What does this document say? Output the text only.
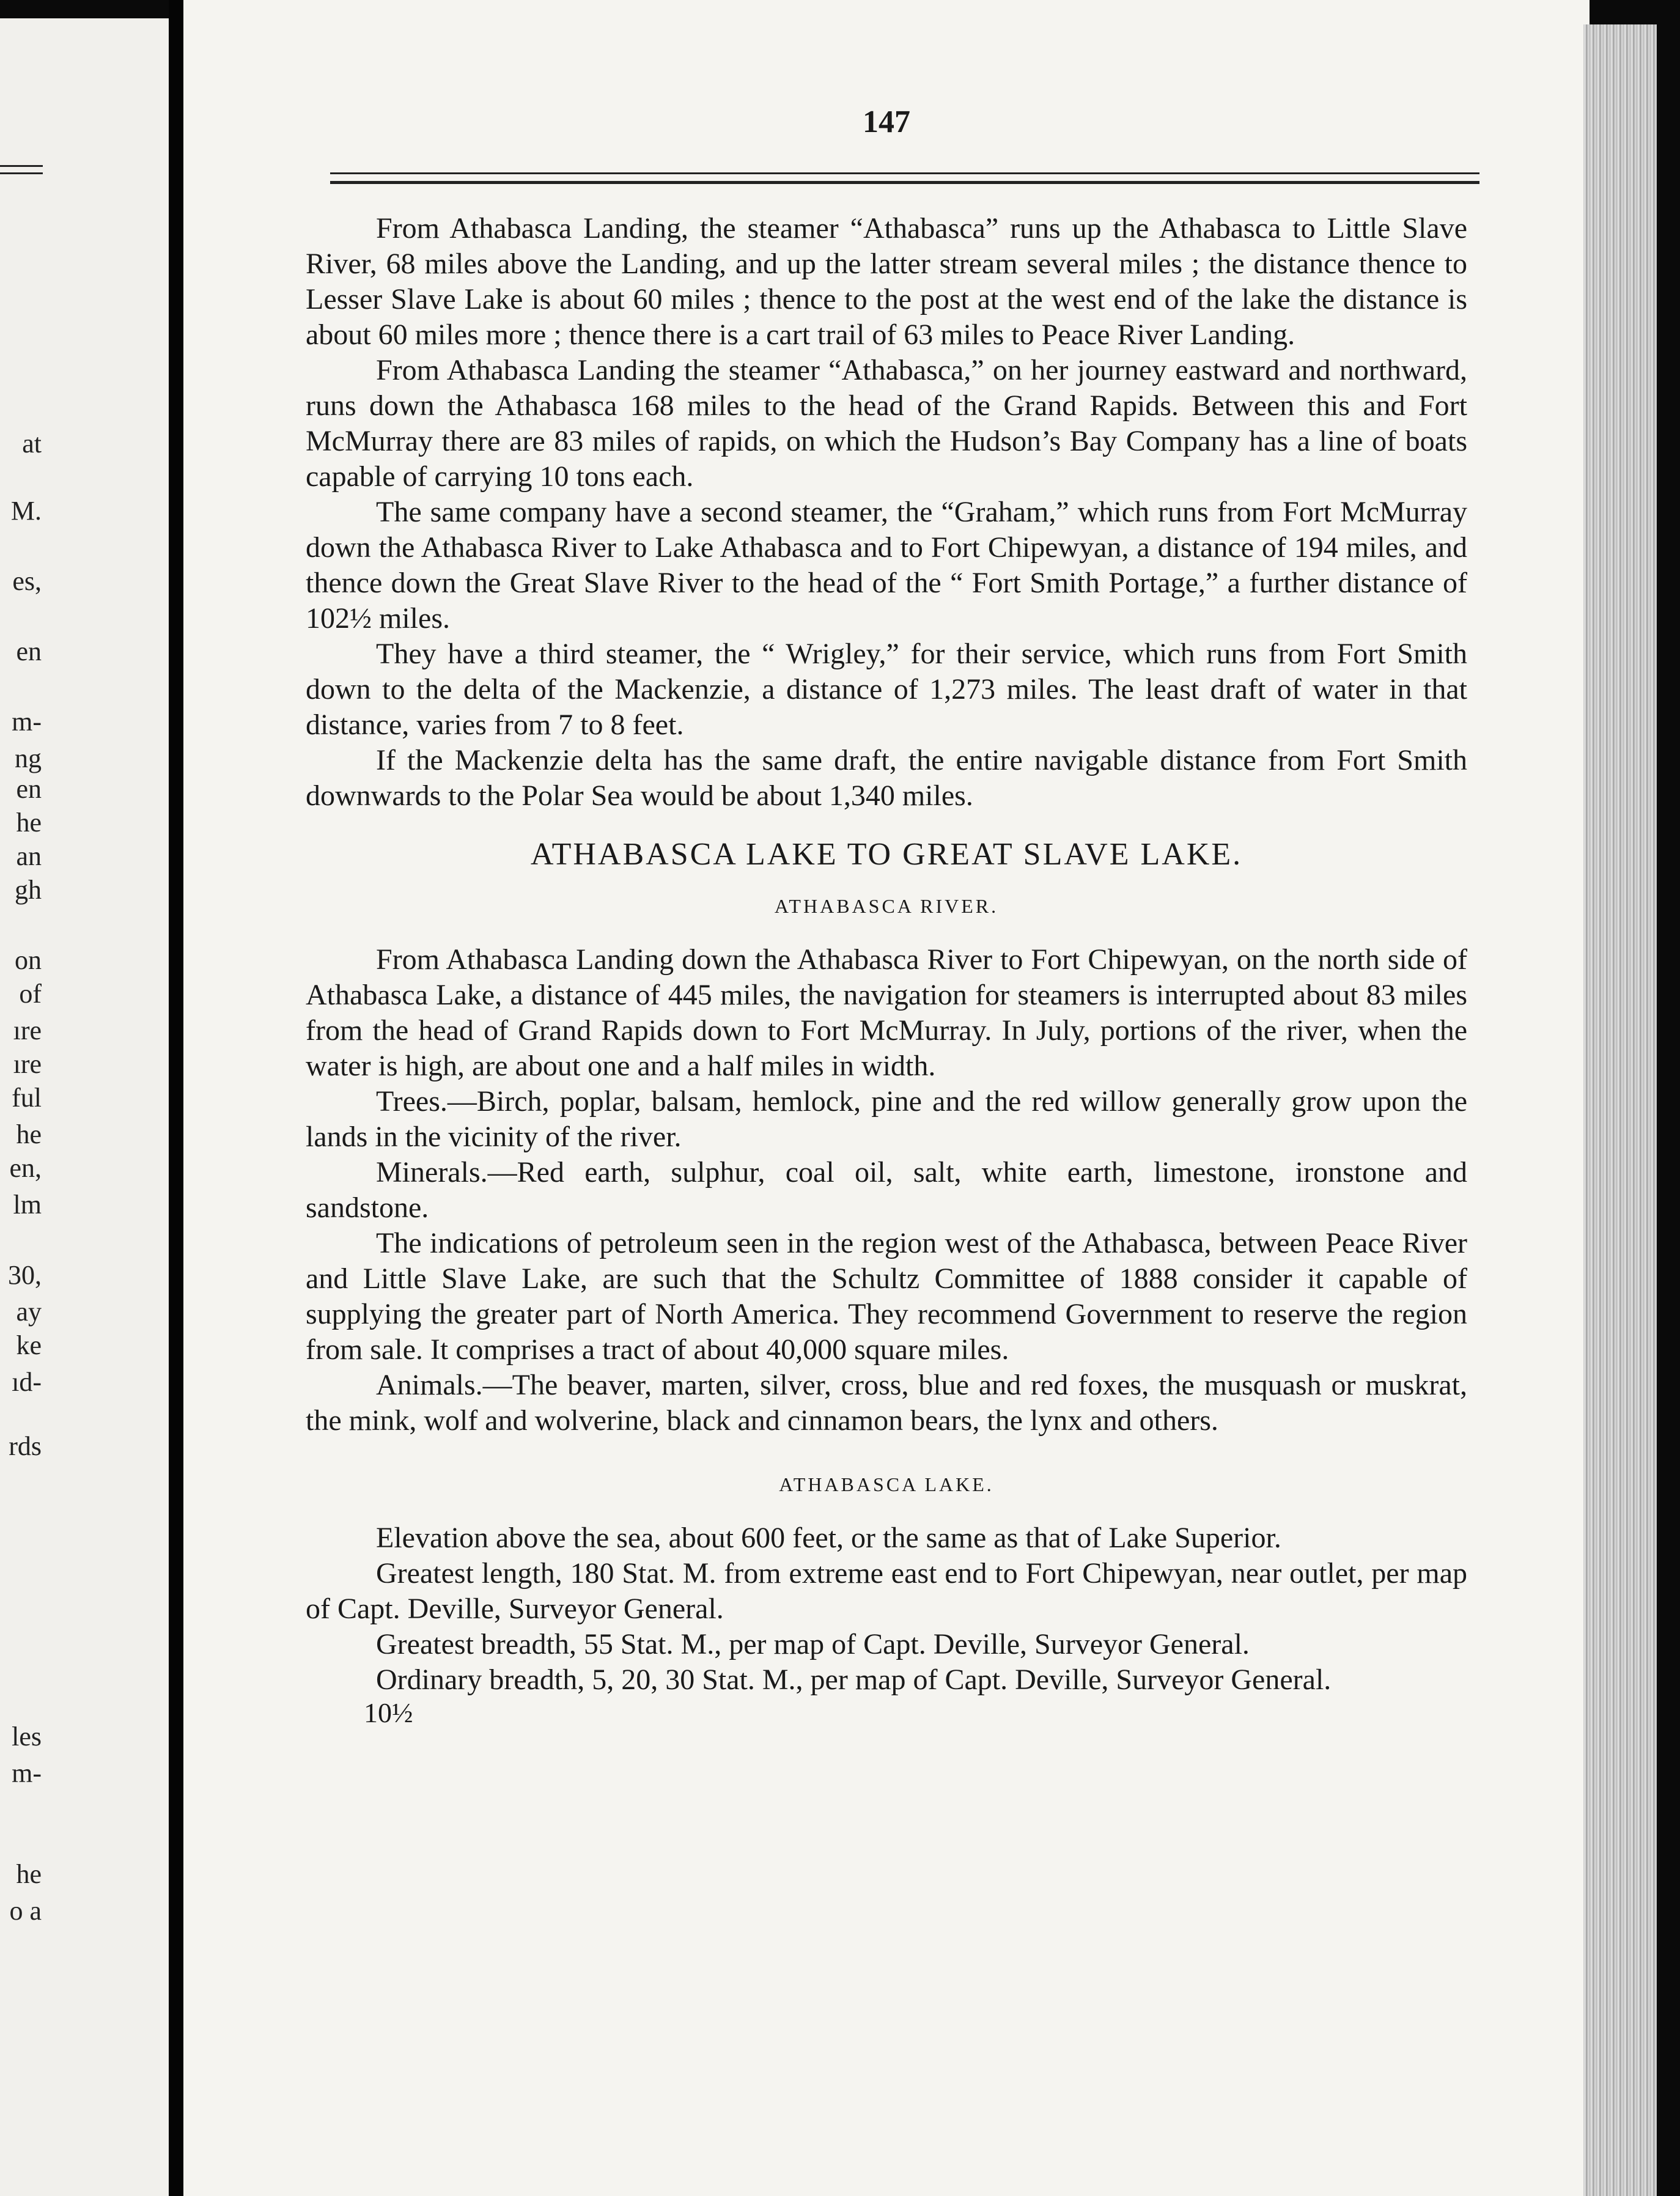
at
M.
es,
en
m-
ng
en
he
an
gh
on
of
ıre
ıre
ful
he
en,
lm
30,
ay
ke
ıd-
rds
les
m-
he
o a
147

From Athabasca Landing, the steamer “Athabasca” runs up the Athabasca to Little Slave River, 68 miles above the Landing, and up the latter stream several miles ; the distance thence to Lesser Slave Lake is about 60 miles ; thence to the post at the west end of the lake the distance is about 60 miles more ; thence there is a cart trail of 63 miles to Peace River Landing.

From Athabasca Landing the steamer “Athabasca,” on her journey eastward and northward, runs down the Athabasca 168 miles to the head of the Grand Rapids. Between this and Fort McMurray there are 83 miles of rapids, on which the Hudson’s Bay Company has a line of boats capable of carrying 10 tons each.

The same company have a second steamer, the “Graham,” which runs from Fort McMurray down the Athabasca River to Lake Athabasca and to Fort Chipewyan, a distance of 194 miles, and thence down the Great Slave River to the head of the “ Fort Smith Portage,” a further distance of 102½ miles.

They have a third steamer, the “ Wrigley,” for their service, which runs from Fort Smith down to the delta of the Mackenzie, a distance of 1,273 miles. The least draft of water in that distance, varies from 7 to 8 feet.

If the Mackenzie delta has the same draft, the entire navigable distance from Fort Smith downwards to the Polar Sea would be about 1,340 miles.

ATHABASCA LAKE TO GREAT SLAVE LAKE.
ATHABASCA RIVER.

From Athabasca Landing down the Athabasca River to Fort Chipewyan, on the north side of Athabasca Lake, a distance of 445 miles, the navigation for steamers is interrupted about 83 miles from the head of Grand Rapids down to Fort McMurray. In July, portions of the river, when the water is high, are about one and a half miles in width.

Trees.—Birch, poplar, balsam, hemlock, pine and the red willow generally grow upon the lands in the vicinity of the river.

Minerals.—Red earth, sulphur, coal oil, salt, white earth, limestone, ironstone and sandstone.

The indications of petroleum seen in the region west of the Athabasca, between Peace River and Little Slave Lake, are such that the Schultz Committee of 1888 consider it capable of supplying the greater part of North America. They recommend Government to reserve the region from sale. It comprises a tract of about 40,000 square miles.

Animals.—The beaver, marten, silver, cross, blue and red foxes, the musquash or muskrat, the mink, wolf and wolverine, black and cinnamon bears, the lynx and others.

ATHABASCA LAKE.

Elevation above the sea, about 600 feet, or the same as that of Lake Superior.

Greatest length, 180 Stat. M. from extreme east end to Fort Chipewyan, near outlet, per map of Capt. Deville, Surveyor General.

Greatest breadth, 55 Stat. M., per map of Capt. Deville, Surveyor General.

Ordinary breadth, 5, 20, 30 Stat. M., per map of Capt. Deville, Surveyor General.

10½
